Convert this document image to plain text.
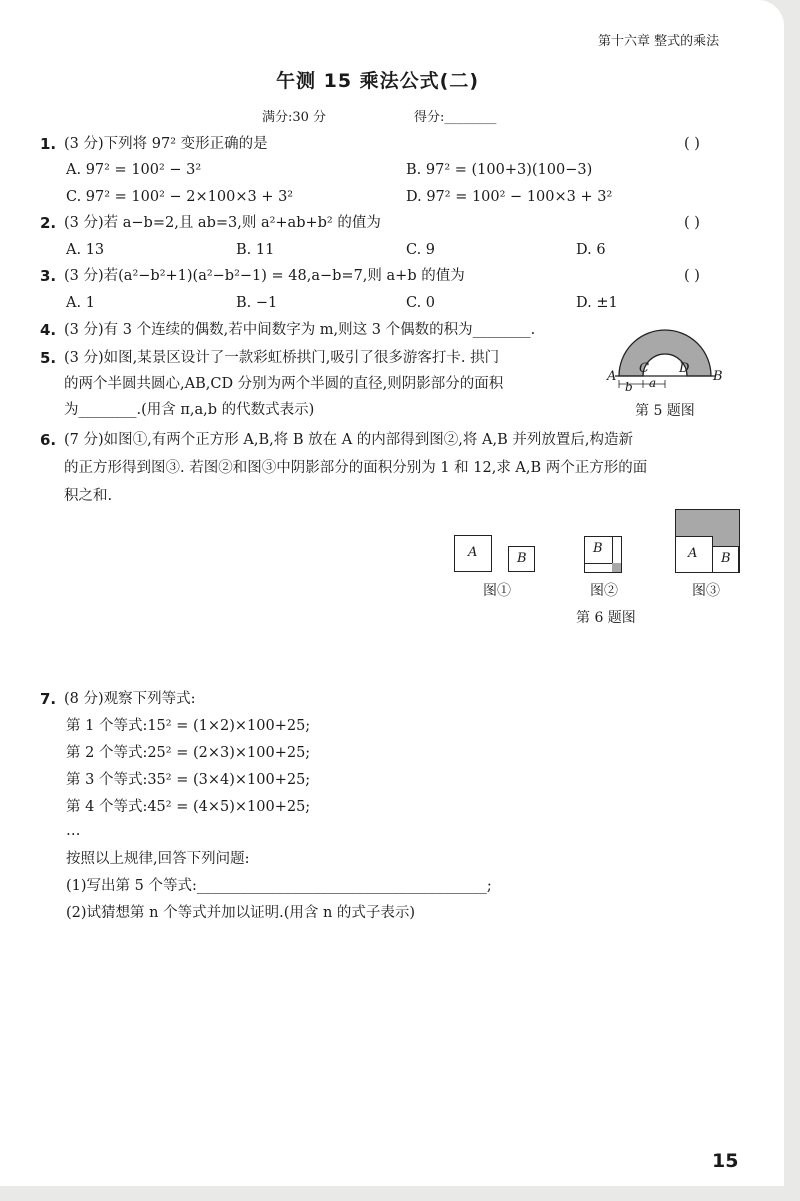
第十六章 整式的乘法
午测 15 乘法公式(二)
满分:30 分	得分:________
1. (3 分)下列将 97² 变形正确的是	( )
A. 97² = 100² − 3²	B. 97² = (100+3)(100−3)
C. 97² = 100² − 2×100×3 + 3²	D. 97² = 100² − 100×3 + 3²
2. (3 分)若 a−b=2,且 ab=3,则 a²+ab+b² 的值为	( )
A. 13	B. 11	C. 9	D. 6
3. (3 分)若(a²−b²+1)(a²−b²−1) = 48,a−b=7,则 a+b 的值为	( )
A. 1	B. −1	C. 0	D. ±1
4. (3 分)有 3 个连续的偶数,若中间数字为 m,则这 3 个偶数的积为________.
5. (3 分)如图,某景区设计了一款彩虹桥拱门,吸引了很多游客打卡. 拱门
的两个半圆共圆心,AB,CD 分别为两个半圆的直径,则阴影部分的面积
为________.(用含 π,a,b 的代数式表示)
A
C D
B
b a
第 5 题图
6. (7 分)如图①,有两个正方形 A,B,将 B 放在 A 的内部得到图②,将 A,B 并列放置后,构造新
的正方形得到图③. 若图②和图③中阴影部分的面积分别为 1 和 12,求 A,B 两个正方形的面
积之和.
A	B
图①
B
图②
A B
图③
第 6 题图
7. (8 分)观察下列等式:
第 1 个等式:15² = (1×2)×100+25;
第 2 个等式:25² = (2×3)×100+25;
第 3 个等式:35² = (3×4)×100+25;
第 4 个等式:45² = (4×5)×100+25;
…
按照以上规律,回答下列问题:
(1)写出第 5 个等式:________________________________________;
(2)试猜想第 n 个等式并加以证明.(用含 n 的式子表示)
15
